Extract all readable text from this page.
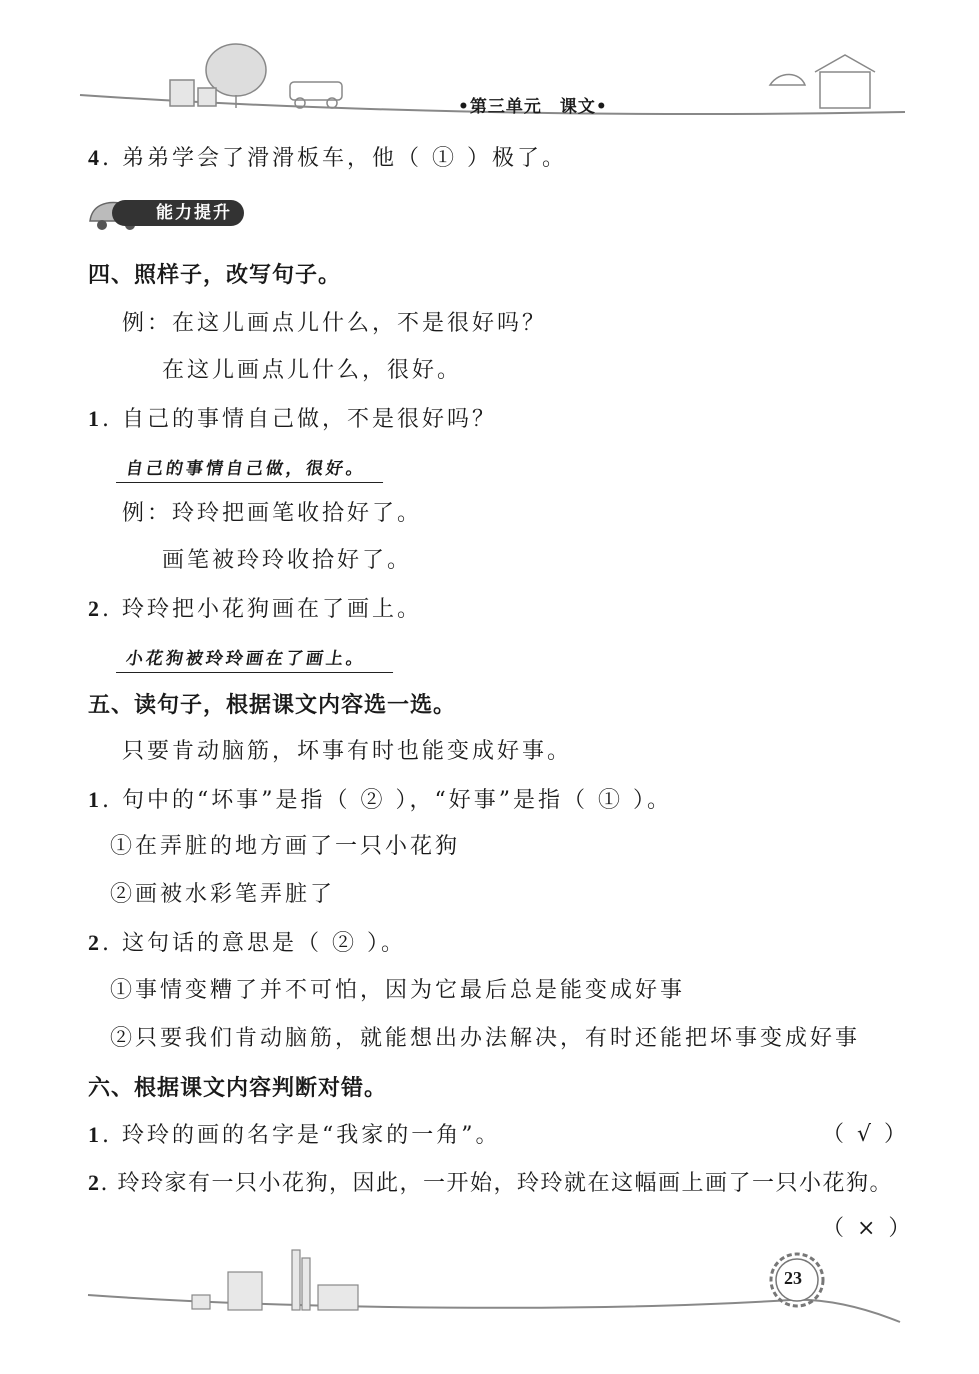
•第三单元　课文•
4. 弟弟学会了滑滑板车，他（ ① ）极了。
能力提升
四、照样子，改写句子。
例：在这儿画点儿什么，不是很好吗？
在这儿画点儿什么，很好。
1. 自己的事情自己做，不是很好吗？
自己的事情自己做，很好。
例：玲玲把画笔收拾好了。
画笔被玲玲收拾好了。
2. 玲玲把小花狗画在了画上。
小花狗被玲玲画在了画上。
五、读句子，根据课文内容选一选。
只要肯动脑筋，坏事有时也能变成好事。
1. 句中的“坏事”是指（ ② ），“好事”是指（ ① ）。
①在弄脏的地方画了一只小花狗
②画被水彩笔弄脏了
2. 这句话的意思是（ ② ）。
①事情变糟了并不可怕，因为它最后总是能变成好事
②只要我们肯动脑筋，就能想出办法解决，有时还能把坏事变成好事
六、根据课文内容判断对错。
1. 玲玲的画的名字是“我家的一角”。	（ √ ）
2. 玲玲家有一只小花狗，因此，一开始，玲玲就在这幅画上画了一只小花狗。
（ × ）
23
